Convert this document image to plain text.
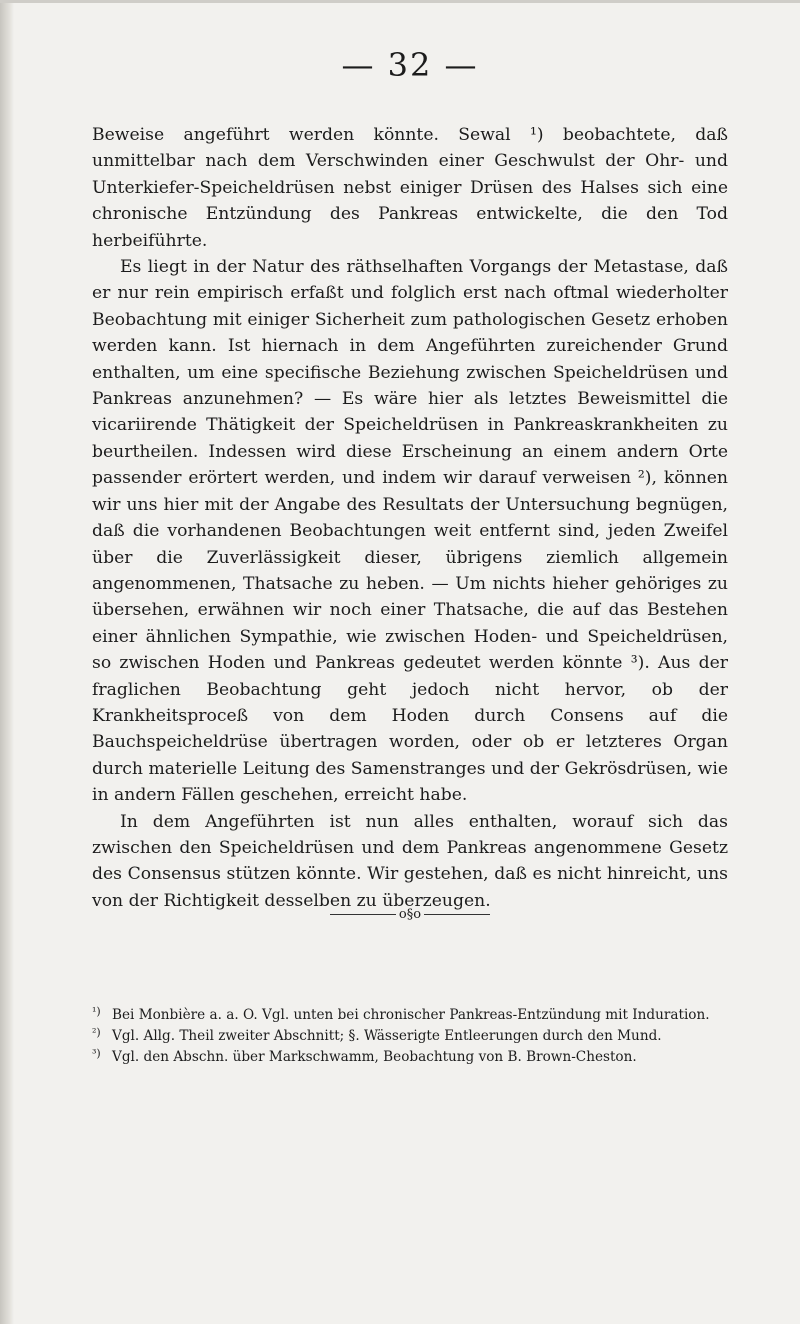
— 32 —

Beweise angeführt werden könnte. Sewal ¹) beobachtete, daß unmittelbar nach dem Verschwinden einer Geschwulst der Ohr- und Unterkiefer-Speicheldrüsen nebst einiger Drüsen des Halses sich eine chronische Entzündung des Pankreas entwickelte, die den Tod herbeiführte.

Es liegt in der Natur des räthselhaften Vorgangs der Metastase, daß er nur rein empirisch erfaßt und folglich erst nach oftmal wiederholter Beobachtung mit einiger Sicherheit zum pathologischen Gesetz erhoben werden kann. Ist hiernach in dem Angeführten zureichender Grund enthalten, um eine specifische Beziehung zwischen Speicheldrüsen und Pankreas anzunehmen? — Es wäre hier als letztes Beweismittel die vicariirende Thätigkeit der Speicheldrüsen in Pankreaskrankheiten zu beurtheilen. Indessen wird diese Erscheinung an einem andern Orte passender erörtert werden, und indem wir darauf verweisen ²), können wir uns hier mit der Angabe des Resultats der Untersuchung begnügen, daß die vorhandenen Beobachtungen weit entfernt sind, jeden Zweifel über die Zuverlässigkeit dieser, übrigens ziemlich allgemein angenommenen, Thatsache zu heben. — Um nichts hieher gehöriges zu übersehen, erwähnen wir noch einer Thatsache, die auf das Bestehen einer ähnlichen Sympathie, wie zwischen Hoden- und Speicheldrüsen, so zwischen Hoden und Pankreas gedeutet werden könnte ³). Aus der fraglichen Beobachtung geht jedoch nicht hervor, ob der Krankheitsproceß von dem Hoden durch Consens auf die Bauchspeicheldrüse übertragen worden, oder ob er letzteres Organ durch materielle Leitung des Samenstranges und der Gekrösdrüsen, wie in andern Fällen geschehen, erreicht habe.

In dem Angeführten ist nun alles enthalten, worauf sich das zwischen den Speicheldrüsen und dem Pankreas angenommene Gesetz des Consensus stützen könnte. Wir gestehen, daß es nicht hinreicht, uns von der Richtigkeit desselben zu überzeugen.

o§o
¹) Bei Monbière a. a. O. Vgl. unten bei chronischer Pankreas-Entzündung mit Induration.
²) Vgl. Allg. Theil zweiter Abschnitt; §. Wässerigte Entleerungen durch den Mund.
³) Vgl. den Abschn. über Markschwamm, Beobachtung von B. Brown-Cheston.
